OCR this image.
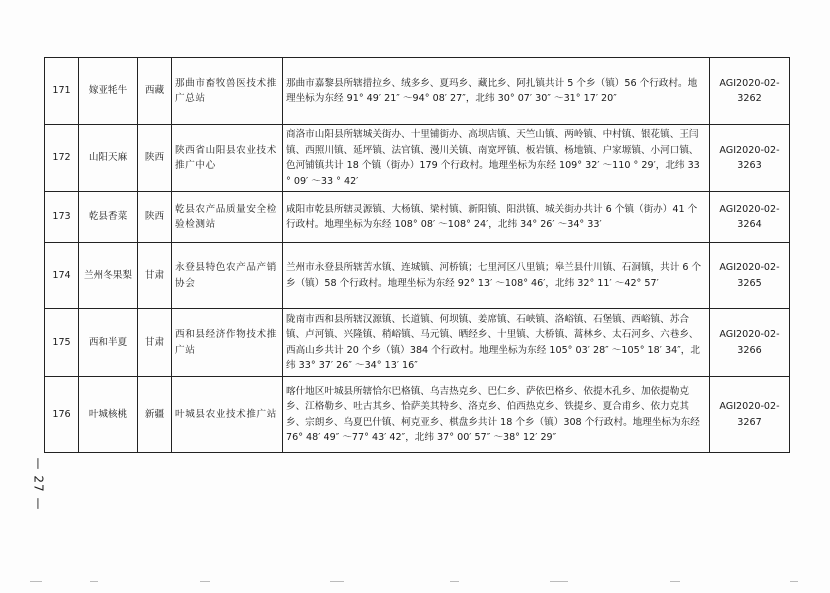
171	嫁亚牦牛	西藏	那曲市畜牧兽医技术推广总站	那曲市嘉黎县所辖措拉乡、绒多乡、夏玛乡、藏比乡、阿扎镇共计 5 个乡（镇）56 个行政村。地理坐标为东经 91° 49′ 21″ ～94° 08′ 27″，北纬 30° 07′ 30″ ～31° 17′ 20″	AGI2020-02-3262
172	山阳天麻	陕西	陕西省山阳县农业技术推广中心	商洛市山阳县所辖城关街办、十里铺街办、高坝店镇、天竺山镇、两岭镇、中村镇、银花镇、王闫镇、西照川镇、延坪镇、法官镇、漫川关镇、南宽坪镇、板岩镇、杨地镇、户家塬镇、小河口镇、色河铺镇共计 18 个镇（街办）179 个行政村。地理坐标为东经 109° 32′ ～110 ° 29′，北纬 33 ° 09′ ～33 ° 42′	AGI2020-02-3263
173	乾县香菜	陕西	乾县农产品质量安全检验检测站	咸阳市乾县所辖灵源镇、大杨镇、梁村镇、新阳镇、阳洪镇、城关街办共计 6 个镇（街办）41 个行政村。地理坐标为东经 108° 08′ ～108° 24′，北纬 34° 26′ ～34° 33′	AGI2020-02-3264
174	兰州冬果梨	甘肃	永登县特色农产品产销协会	兰州市永登县所辖苦水镇、连城镇、河桥镇；七里河区八里镇；皋兰县什川镇、石洞镇，共计 6 个乡（镇）58 个行政村。地理坐标为东经 92° 13′ ～108° 46′，北纬 32° 11′ ～42° 57′	AGI2020-02-3265
175	西和半夏	甘肃	西和县经济作物技术推广站	陇南市西和县所辖汉源镇、长道镇、何坝镇、姜席镇、石峡镇、洛峪镇、石堡镇、西峪镇、苏合镇、卢河镇、兴隆镇、稍峪镇、马元镇、晒经乡、十里镇、大桥镇、蒿林乡、太石河乡、六巷乡、西高山乡共计 20 个乡（镇）384 个行政村。地理坐标为东经 105° 03′ 28″ ～105° 18′ 34″，北纬 33° 37′ 26″ ～34° 13′ 16″	AGI2020-02-3266
176	叶城核桃	新疆	叶城县农业技术推广站	喀什地区叶城县所辖恰尔巴格镇、乌吉热克乡、巴仁乡、萨依巴格乡、依提木孔乡、加依提勒克乡、江格勒乡、吐古其乡、恰萨美其特乡、洛克乡、伯西热克乡、铁提乡、夏合甫乡、依力克其乡、宗朗乡、乌夏巴什镇、柯克亚乡、棋盘乡共计 18 个乡（镇）308 个行政村。地理坐标为东经 76° 48′ 49″ ～77° 43′ 42″，北纬 37° 00′ 57″ ～38° 12′ 29″	AGI2020-02-3267
— 27 —
